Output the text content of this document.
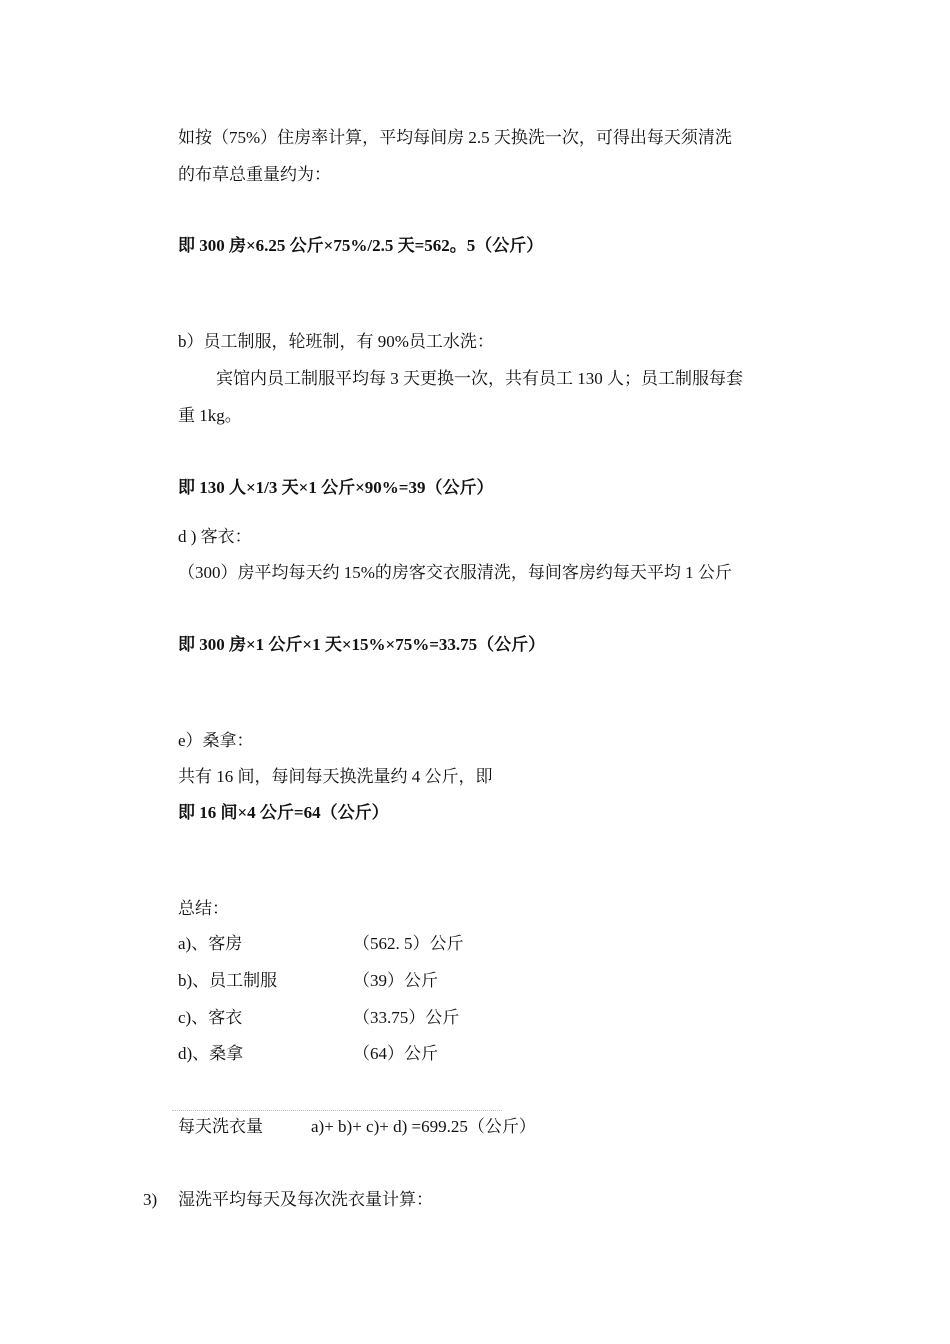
如按（75%）住房率计算，平均每间房 2.5 天换洗一次，可得出每天须清洗
的布草总重量约为：
即 300 房×6.25 公斤×75%/2.5 天=562。5（公斤）
b）员工制服，轮班制，有 90%员工水洗：
宾馆内员工制服平均每 3 天更换一次，共有员工 130 人；员工制服每套
重 1kg。
即 130 人×1/3 天×1 公斤×90%=39（公斤）
d ) 客衣：
（300）房平均每天约 15%的房客交衣服清洗，每间客房约每天平均 1 公斤
即 300 房×1 公斤×1 天×15%×75%=33.75（公斤）
e）桑拿：
共有 16 间，每间每天换洗量约 4 公斤，即
即 16 间×4 公斤=64（公斤）
总结：
a)、客房	（562. 5）公斤
b)、员工制服	（39）公斤
c)、客衣	（33.75）公斤
d)、桑拿	（64）公斤
每天洗衣量	a)+ b)+ c)+ d) =699.25（公斤）
3) 湿洗平均每天及每次洗衣量计算：
